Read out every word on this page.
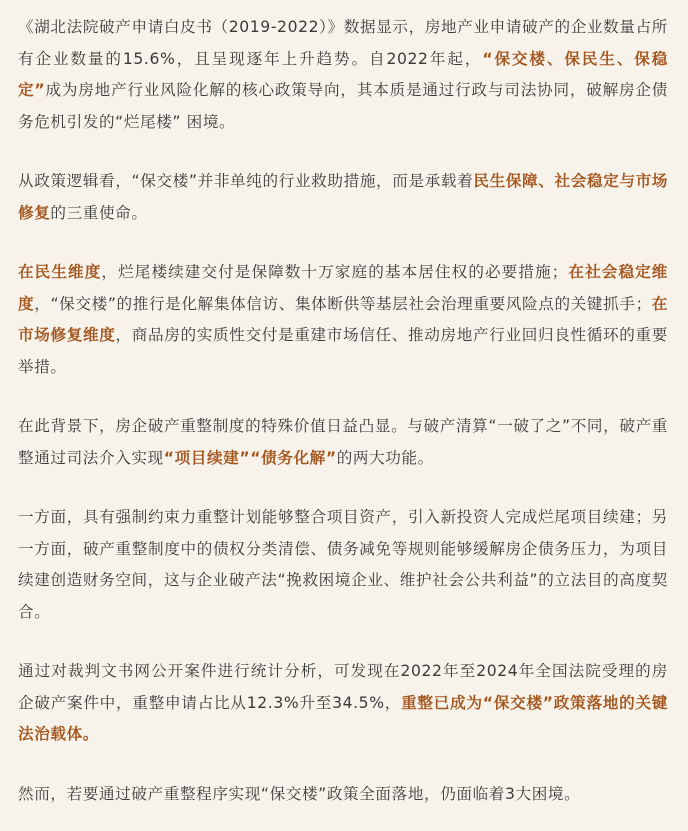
《湖北法院破产申请白皮书（2019-2022）》数据显示，房地产业申请破产的企业数量占所有企业数量的15.6%，且呈现逐年上升趋势。自2022年起，“保交楼、保民生、保稳定”成为房地产行业风险化解的核心政策导向，其本质是通过行政与司法协同，破解房企债务危机引发的“烂尾楼” 困境。

从政策逻辑看，“保交楼”并非单纯的行业救助措施，而是承载着民生保障、社会稳定与市场修复的三重使命。

在民生维度，烂尾楼续建交付是保障数十万家庭的基本居住权的必要措施；在社会稳定维度，“保交楼”的推行是化解集体信访、集体断供等基层社会治理重要风险点的关键抓手；在市场修复维度，商品房的实质性交付是重建市场信任、推动房地产行业回归良性循环的重要举措。

在此背景下，房企破产重整制度的特殊价值日益凸显。与破产清算“一破了之”不同，破产重整通过司法介入实现“项目续建”“债务化解”的两大功能。

一方面，具有强制约束力重整计划能够整合项目资产，引入新投资人完成烂尾项目续建；另一方面，破产重整制度中的债权分类清偿、债务减免等规则能够缓解房企债务压力，为项目续建创造财务空间，这与企业破产法“挽救困境企业、维护社会公共利益”的立法目的高度契合。

通过对裁判文书网公开案件进行统计分析，可发现在2022年至2024年全国法院受理的房企破产案件中，重整申请占比从12.3%升至34.5%，重整已成为“保交楼”政策落地的关键法治载体。

然而，若要通过破产重整程序实现“保交楼”政策全面落地，仍面临着3大困境。
